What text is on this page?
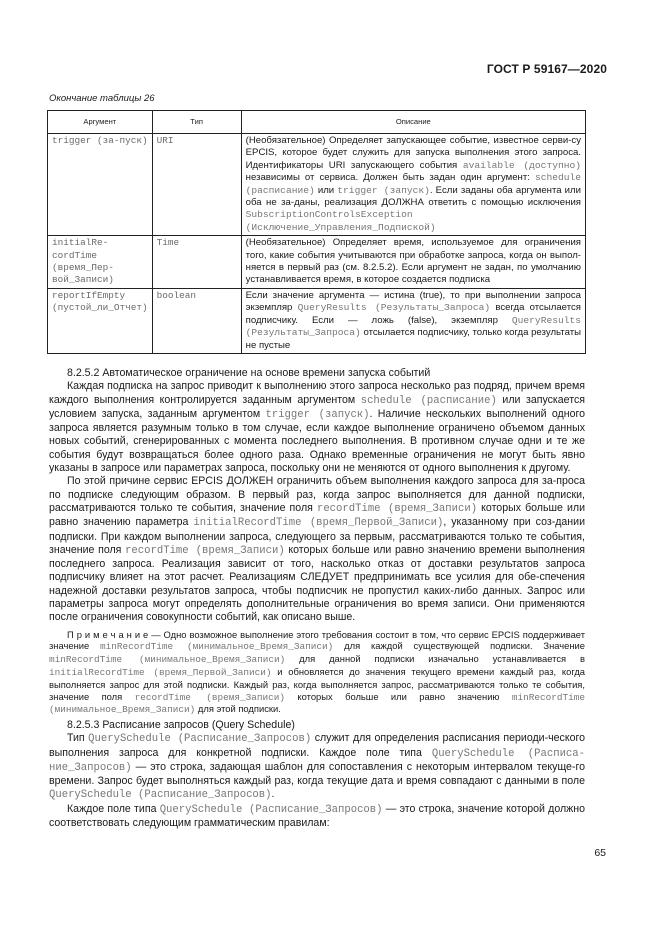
ГОСТ Р 59167—2020
Окончание таблицы 26
Аргумент	Тип	Описание
trigger (за-пуск)	URI	(Необязательное) Определяет запускающее событие, известное серви-су EPCIS, которое будет служить для запуска выполнения этого запроса. Идентификаторы URI запускающего события available (доступно) независимы от сервиса. Должен быть задан один аргумент: schedule (расписание) или trigger (запуск). Если заданы оба аргумента или оба не за-даны, реализация ДОЛЖНА ответить с помощью исключения SubscriptionControlsException (Исключение_Управления_Подпиской)
initialRe-cordTime (время_Пер-вой_Записи)	Time	(Необязательное) Определяет время, используемое для ограничения того, какие события учитываются при обработке запроса, когда он выпол-няется в первый раз (см. 8.2.5.2). Если аргумент не задан, по умолчанию устанавливается время, в которое создается подписка
reportIfEmpty (пустой_ли_Отчет)	boolean	Если значение аргумента — истина (true), то при выполнении запроса экземпляр QueryResults (Результаты_Запроса) всегда отсылается подписчику. Если — ложь (false), экземпляр QueryResults (Результаты_Запроса) отсылается подписчику, только когда результаты не пустые

8.2.5.2 Автоматическое ограничение на основе времени запуска событий

Каждая подписка на запрос приводит к выполнению этого запроса несколько раз подряд, причем время каждого выполнения контролируется заданным аргументом schedule (расписание) или запускается условием запуска, заданным аргументом trigger (запуск). Наличие нескольких выполнений одного запроса является разумным только в том случае, если каждое выполнение ограничено объемом данных новых событий, сгенерированных с момента последнего выполнения. В противном случае одни и те же события будут возвращаться более одного раза. Однако временные ограничения не могут быть явно указаны в запросе или параметрах запроса, поскольку они не меняются от одного выполнения к другому.

По этой причине сервис EPCIS ДОЛЖЕН ограничить объем выполнения каждого запроса для за-проса по подписке следующим образом. В первый раз, когда запрос выполняется для данной подписки, рассматриваются только те события, значение поля recordTime (время_Записи) которых больше или равно значению параметра initialRecordTime (время_Первой_Записи), указанному при соз-дании подписки. При каждом выполнении запроса, следующего за первым, рассматриваются только те события, значение поля recordTime (время_Записи) которых больше или равно значению времени выполнения последнего запроса. Реализация зависит от того, насколько отказ от доставки результатов запроса подписчику влияет на этот расчет. Реализациям СЛЕДУЕТ предпринимать все усилия для обе-спечения надежной доставки результатов запроса, чтобы подписчик не пропустил каких-либо данных. Запрос или параметры запроса могут определять дополнительные ограничения во время записи. Они применяются после ограничения совокупности событий, как описано выше.

П р и м е ч а н и е — Одно возможное выполнение этого требования состоит в том, что сервис EPCIS поддерживает значение minRecordTime (минимальное_Время_Записи) для каждой существующей подписки. Значение minRecordTime (минимальное_Время_Записи) для данной подписки изначально устанавливается в initialRecordTime (время_Первой_Записи) и обновляется до значения текущего времени каждый раз, когда выполняется запрос для этой подписки. Каждый раз, когда выполняется запрос, рассматриваются только те события, значение поля recordTime (время_Записи) которых больше или равно значению minRecordTime (минимальное_Время_Записи) для этой подписки.

8.2.5.3 Расписание запросов (Query Schedule)

Тип QuerySchedule (Расписание_Запросов) служит для определения расписания периоди-ческого выполнения запроса для конкретной подписки. Каждое поле типа QuerySchedule (Расписа-ние_Запросов) — это строка, задающая шаблон для сопоставления с некоторым интервалом текуще-го времени. Запрос будет выполняться каждый раз, когда текущие дата и время совпадают с данными в поле QuerySchedule (Расписание_Запросов).

Каждое поле типа QuerySchedule (Расписание_Запросов) — это строка, значение которой должно соответствовать следующим грамматическим правилам:

65
